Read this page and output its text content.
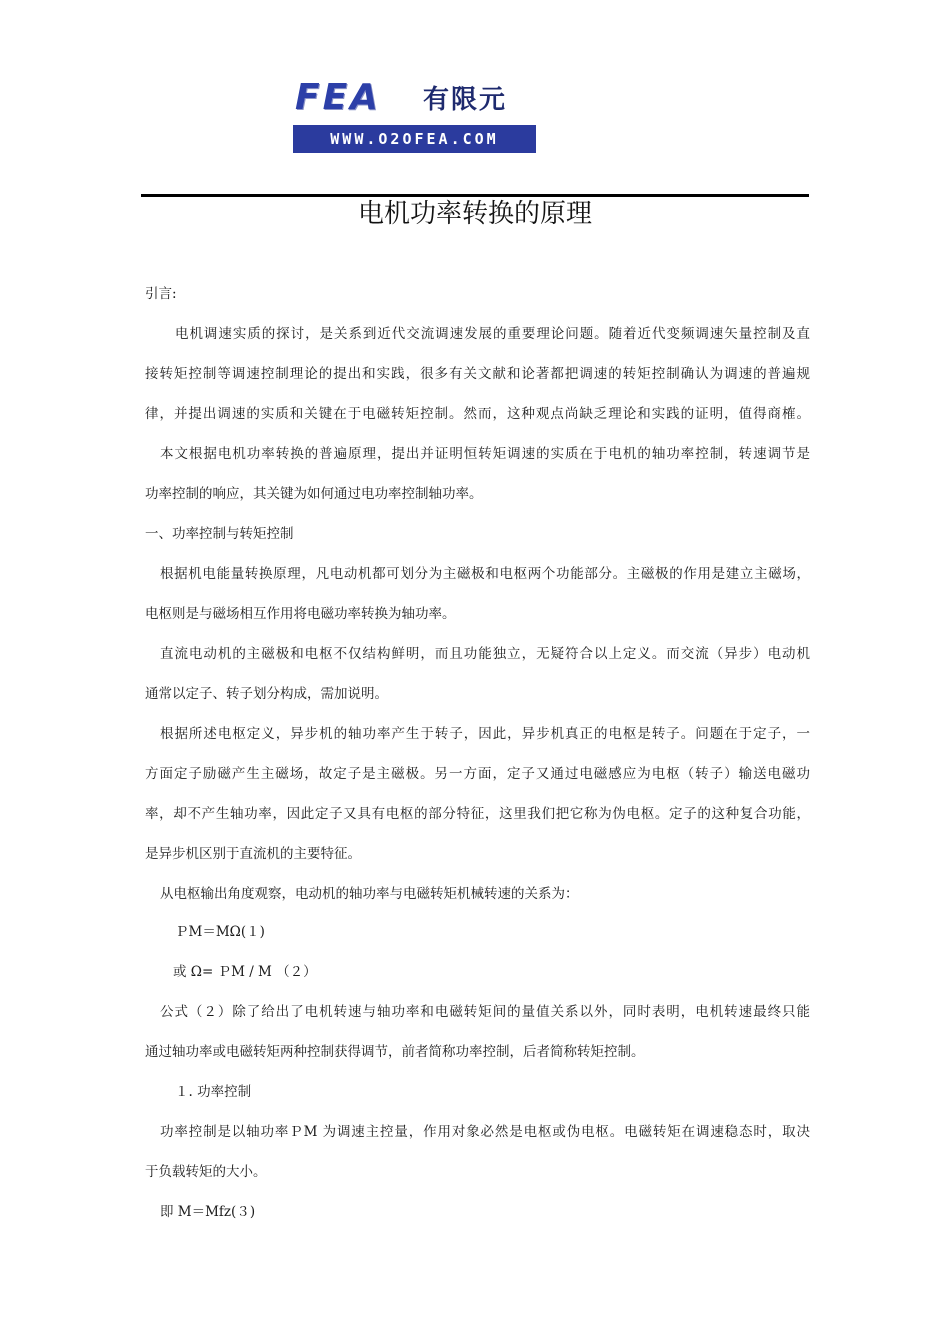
FEA 有限元
WWW.O2OFEA.COM
电机功率转换的原理
引言:
电机调速实质的探讨，是关系到近代交流调速发展的重要理论问题。随着近代变频调速矢量控制及直
接转矩控制等调速控制理论的提出和实践，很多有关文献和论著都把调速的转矩控制确认为调速的普遍规
律，并提出调速的实质和关键在于电磁转矩控制。然而，这种观点尚缺乏理论和实践的证明，值得商榷。
本文根据电机功率转换的普遍原理，提出并证明恒转矩调速的实质在于电机的轴功率控制，转速调节是
功率控制的响应，其关键为如何通过电功率控制轴功率。
一、功率控制与转矩控制
根据机电能量转换原理，凡电动机都可划分为主磁极和电枢两个功能部分。主磁极的作用是建立主磁场，
电枢则是与磁场相互作用将电磁功率转换为轴功率。
直流电动机的主磁极和电枢不仅结构鲜明，而且功能独立，无疑符合以上定义。而交流（异步）电动机
通常以定子、转子划分构成，需加说明。
根据所述电枢定义，异步机的轴功率产生于转子，因此，异步机真正的电枢是转子。问题在于定子，一
方面定子励磁产生主磁场，故定子是主磁极。另一方面，定子又通过电磁感应为电枢（转子）输送电磁功
率，却不产生轴功率，因此定子又具有电枢的部分特征，这里我们把它称为伪电枢。定子的这种复合功能，
是异步机区别于直流机的主要特征。
从电枢输出角度观察，电动机的轴功率与电磁转矩机械转速的关系为：
ＰM＝MΩ(１)
或 Ω= ＰM / M （２）
公式（２）除了给出了电机转速与轴功率和电磁转矩间的量值关系以外，同时表明，电机转速最终只能
通过轴功率或电磁转矩两种控制获得调节，前者简称功率控制，后者简称转矩控制。
１. 功率控制
功率控制是以轴功率ＰM 为调速主控量，作用对象必然是电枢或伪电枢。电磁转矩在调速稳态时，取决
于负载转矩的大小。
即 M＝Mfz(３)
